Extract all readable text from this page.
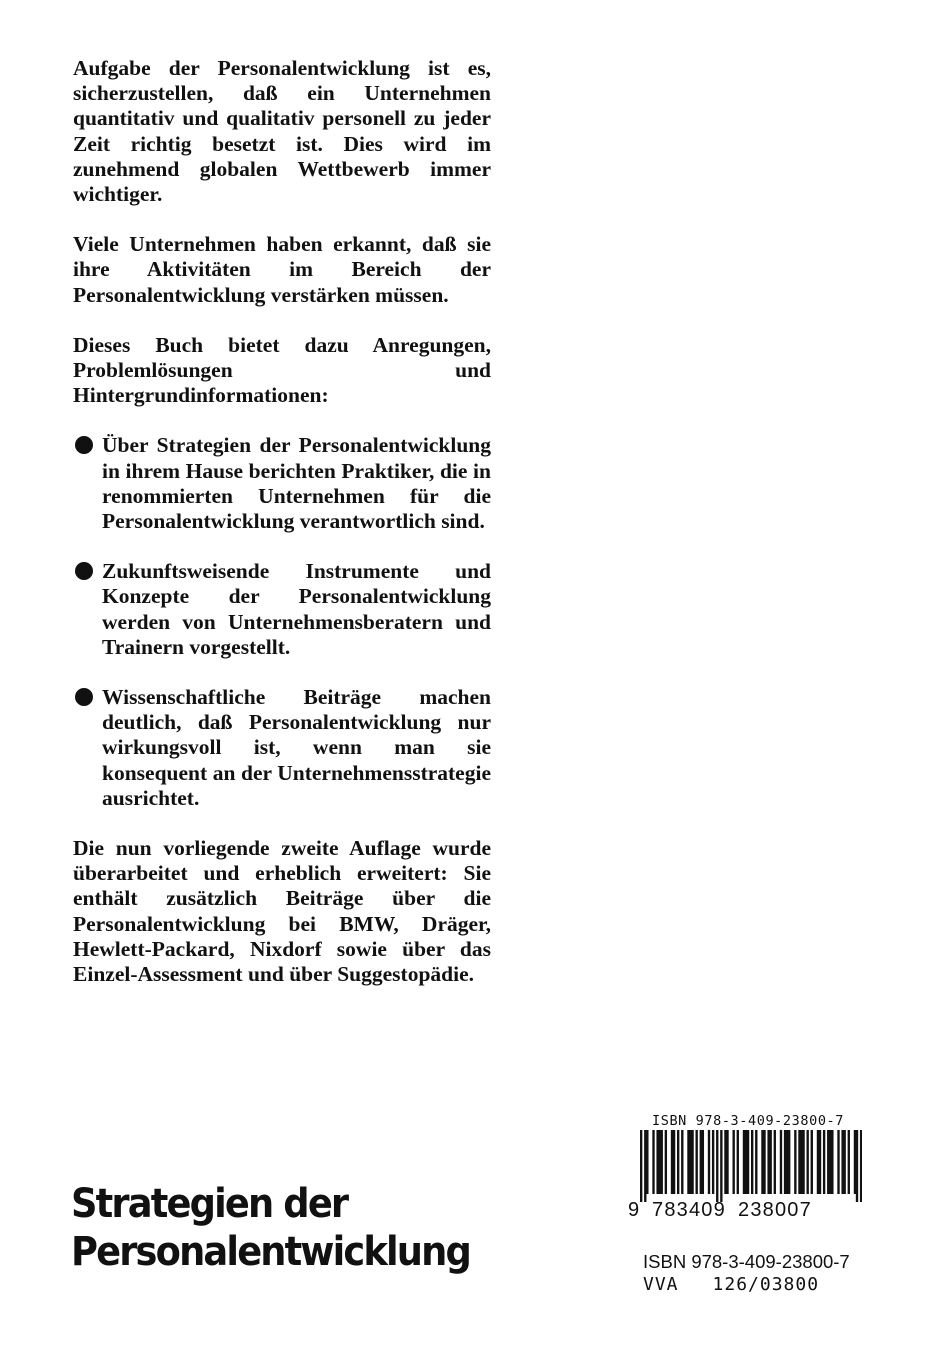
Aufgabe der Personalentwicklung ist es, sicherzustellen, daß ein Unternehmen quantitativ und qualitativ personell zu jeder Zeit richtig besetzt ist. Dies wird im zunehmend globalen Wettbewerb immer wichtiger.

Viele Unternehmen haben erkannt, daß sie ihre Aktivitäten im Bereich der Personalentwicklung verstärken müssen.

Dieses Buch bietet dazu Anregungen, Problemlösungen und Hintergrundinformationen:

Über Strategien der Personalentwicklung in ihrem Hause berichten Praktiker, die in renommierten Unternehmen für die Personalentwicklung verantwortlich sind.
Zukunftsweisende Instrumente und Konzepte der Personalentwicklung werden von Unternehmensberatern und Trainern vorgestellt.
Wissenschaftliche Beiträge machen deutlich, daß Personalentwicklung nur wirkungsvoll ist, wenn man sie konsequent an der Unternehmensstrategie ausrichtet.

Die nun vorliegende zweite Auflage wurde überarbeitet und erheblich erweitert: Sie enthält zusätzlich Beiträge über die Personalentwicklung bei BMW, Dräger, Hewlett-Packard, Nixdorf sowie über das Einzel-Assessment und über Suggestopädie.

Strategien der
Personalentwicklung
ISBN 978-3-409-23800-7
9 783409 238007
ISBN 978-3-409-23800-7
VVA 126/03800
